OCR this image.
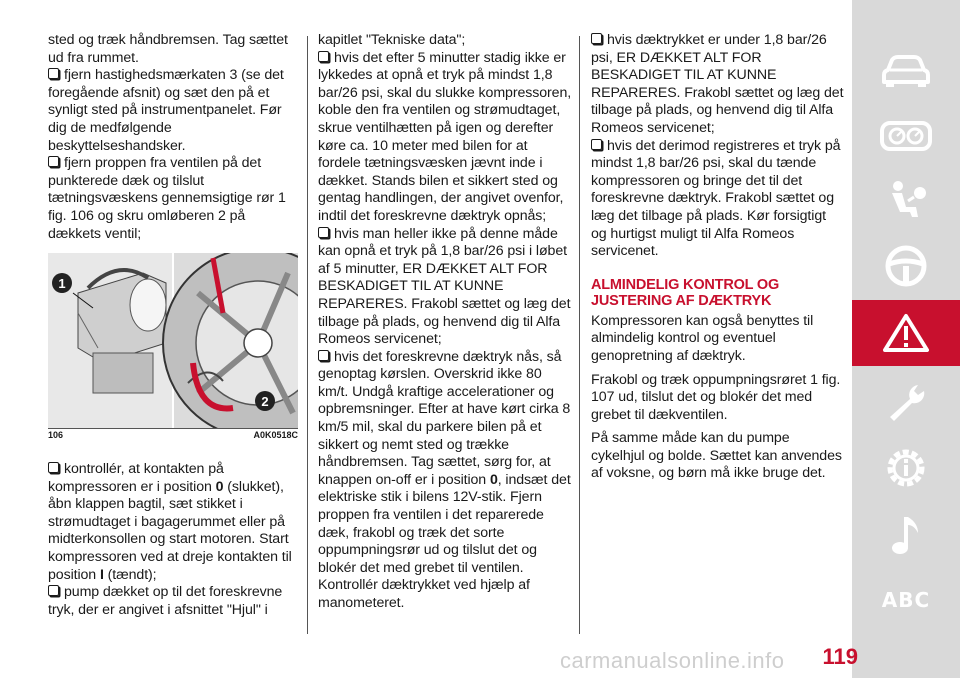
sted og træk håndbremsen. Tag sættet ud fra rummet.

fjern hastighedsmærkaten 3 (se det foregående afsnit) og sæt den på et synligt sted på instrumentpanelet. Før dig de medfølgende beskyttelseshandsker.

fjern proppen fra ventilen på det punkterede dæk og tilslut tætningsvæskens gennemsigtige rør 1 fig. 106 og skru omløberen 2 på dækkets ventil;

1
2
106	A0K0518C

kontrollér, at kontakten på kompressoren er i position 0 (slukket), åbn klappen bagtil, sæt stikket i strømudtaget i bagagerummet eller på midterkonsollen og start motoren. Start kompressoren ved at dreje kontakten til position I (tændt);

pump dækket op til det foreskrevne tryk, der er angivet i afsnittet "Hjul" i

kapitlet "Tekniske data";

hvis det efter 5 minutter stadig ikke er lykkedes at opnå et tryk på mindst 1,8 bar/26 psi, skal du slukke kompressoren, koble den fra ventilen og strømudtaget, skrue ventilhætten på igen og derefter køre ca. 10 meter med bilen for at fordele tætningsvæsken jævnt inde i dækket. Stands bilen et sikkert sted og gentag handlingen, der angivet ovenfor, indtil det foreskrevne dæktryk opnås;

hvis man heller ikke på denne måde kan opnå et tryk på 1,8 bar/26 psi i løbet af 5 minutter, ER DÆKKET ALT FOR BESKADIGET TIL AT KUNNE REPARERES. Frakobl sættet og læg det tilbage på plads, og henvend dig til Alfa Romeos servicenet;

hvis det foreskrevne dæktryk nås, så genoptag kørslen. Overskrid ikke 80 km/t. Undgå kraftige accelerationer og opbremsninger. Efter at have kørt cirka 8 km/5 mil, skal du parkere bilen på et sikkert og nemt sted og trække håndbremsen. Tag sættet, sørg for, at knappen on-off er i position 0, indsæt det elektriske stik i bilens 12V-stik. Fjern proppen fra ventilen i det reparerede dæk, frakobl og træk det sorte oppumpningsrør ud og tilslut det og blokér det med grebet til ventilen. Kontrollér dæktrykket ved hjælp af manometeret.

hvis dæktrykket er under 1,8 bar/26 psi, ER DÆKKET ALT FOR BESKADIGET TIL AT KUNNE REPARERES. Frakobl sættet og læg det tilbage på plads, og henvend dig til Alfa Romeos servicenet;

hvis det derimod registreres et tryk på mindst 1,8 bar/26 psi, skal du tænde kompressoren og bringe det til det foreskrevne dæktryk. Frakobl sættet og læg det tilbage på plads. Kør forsigtigt og hurtigst muligt til Alfa Romeos servicenet.

ALMINDELIG KONTROL OG JUSTERING AF DÆKTRYK

Kompressoren kan også benyttes til almindelig kontrol og eventuel genopretning af dæktryk.

Frakobl og træk oppumpningsrøret 1 fig. 107 ud, tilslut det og blokér det med grebet til dækventilen.

På samme måde kan du pumpe cykelhjul og bolde. Sættet kan anvendes af voksne, og børn må ikke bruge det.

ABC
carmanualsonline.info	119
